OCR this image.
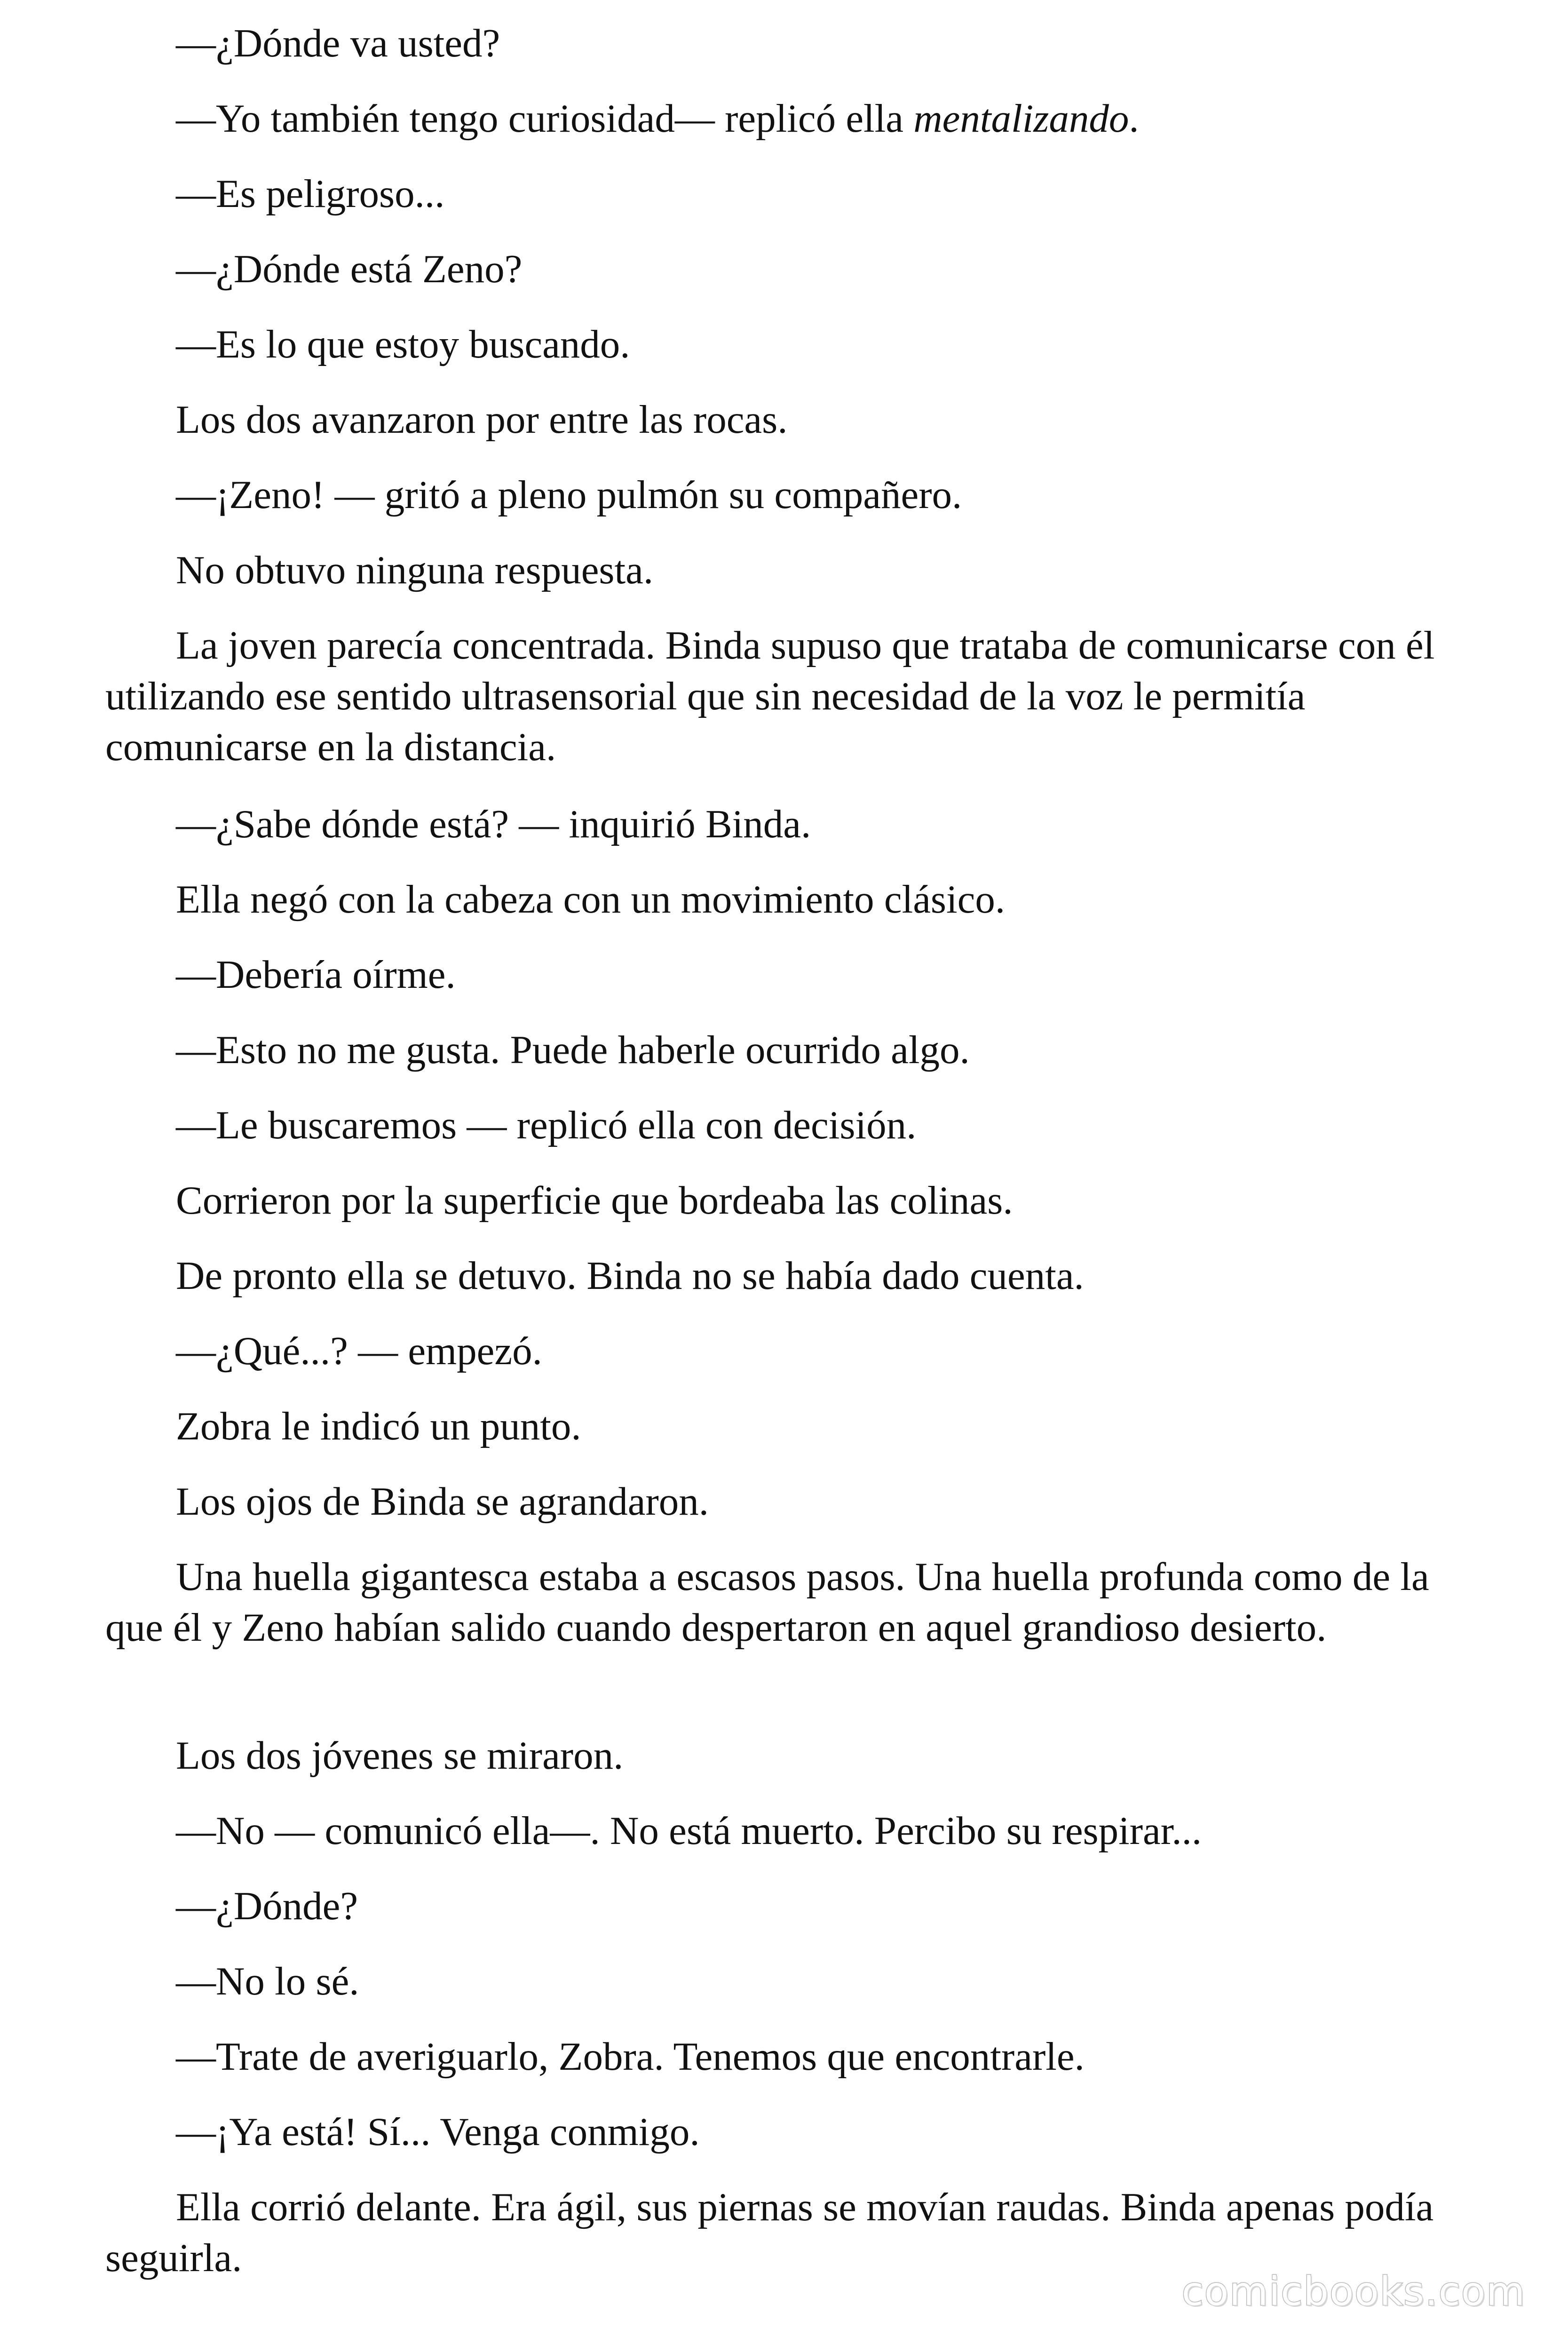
—¿Dónde va usted?

—Yo también tengo curiosidad— replicó ella mentalizando.

—Es peligroso...

—¿Dónde está Zeno?

—Es lo que estoy buscando.

Los dos avanzaron por entre las rocas.

—¡Zeno! — gritó a pleno pulmón su compañero.

No obtuvo ninguna respuesta.

La joven parecía concentrada. Binda supuso que trataba de comunicarse con él utilizando ese sentido ultrasensorial que sin necesidad de la voz le permitía comunicarse en la distancia.

—¿Sabe dónde está? — inquirió Binda.

Ella negó con la cabeza con un movimiento clásico.

—Debería oírme.

—Esto no me gusta. Puede haberle ocurrido algo.

—Le buscaremos — replicó ella con decisión.

Corrieron por la superficie que bordeaba las colinas.

De pronto ella se detuvo. Binda no se había dado cuenta.

—¿Qué...? — empezó.

Zobra le indicó un punto.

Los ojos de Binda se agrandaron.

Una huella gigantesca estaba a escasos pasos. Una huella profunda como de la que él y Zeno habían salido cuando despertaron en aquel grandioso desierto.

Los dos jóvenes se miraron.

—No — comunicó ella—. No está muerto. Percibo su respirar...

—¿Dónde?

—No lo sé.

—Trate de averiguarlo, Zobra. Tenemos que encontrarle.

—¡Ya está! Sí... Venga conmigo.

Ella corrió delante. Era ágil, sus piernas se movían raudas. Binda apenas podía seguirla.

comicbooks.com
